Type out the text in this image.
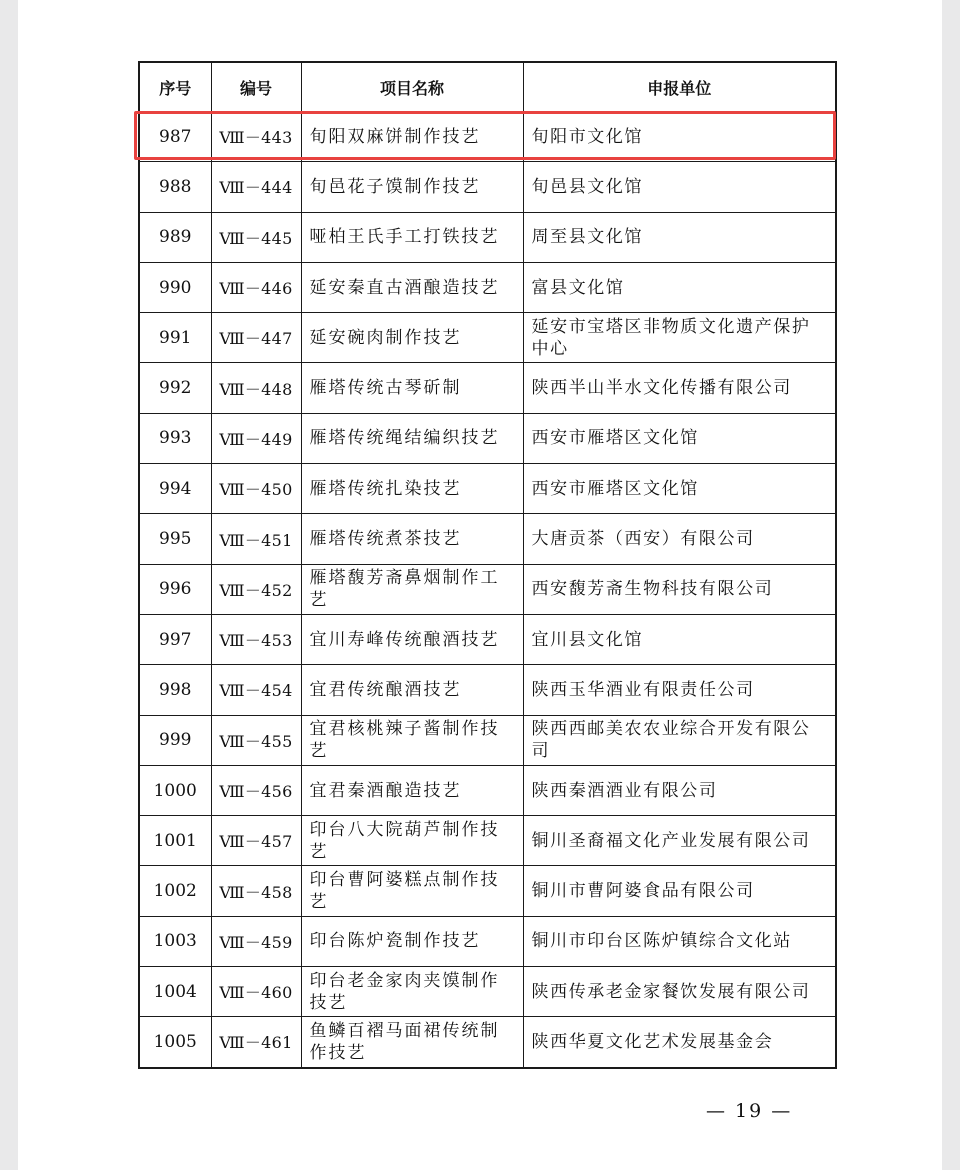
序号	编号	项目名称	申报单位
987	Ⅷ－443	旬阳双麻饼制作技艺	旬阳市文化馆
988	Ⅷ－444	旬邑花子馍制作技艺	旬邑县文化馆
989	Ⅷ－445	哑柏王氏手工打铁技艺	周至县文化馆
990	Ⅷ－446	延安秦直古酒酿造技艺	富县文化馆
991	Ⅷ－447	延安碗肉制作技艺	延安市宝塔区非物质文化遗产保护中心
992	Ⅷ－448	雁塔传统古琴斫制	陕西半山半水文化传播有限公司
993	Ⅷ－449	雁塔传统绳结编织技艺	西安市雁塔区文化馆
994	Ⅷ－450	雁塔传统扎染技艺	西安市雁塔区文化馆
995	Ⅷ－451	雁塔传统煮茶技艺	大唐贡茶（西安）有限公司
996	Ⅷ－452	雁塔馥芳斋鼻烟制作工艺	西安馥芳斋生物科技有限公司
997	Ⅷ－453	宜川寿峰传统酿酒技艺	宜川县文化馆
998	Ⅷ－454	宜君传统酿酒技艺	陕西玉华酒业有限责任公司
999	Ⅷ－455	宜君核桃辣子酱制作技艺	陕西西邮美农农业综合开发有限公司
1000	Ⅷ－456	宜君秦酒酿造技艺	陕西秦酒酒业有限公司
1001	Ⅷ－457	印台八大院葫芦制作技艺	铜川圣裔福文化产业发展有限公司
1002	Ⅷ－458	印台曹阿婆糕点制作技艺	铜川市曹阿婆食品有限公司
1003	Ⅷ－459	印台陈炉瓷制作技艺	铜川市印台区陈炉镇综合文化站
1004	Ⅷ－460	印台老金家肉夹馍制作技艺	陕西传承老金家餐饮发展有限公司
1005	Ⅷ－461	鱼鳞百褶马面裙传统制作技艺	陕西华夏文化艺术发展基金会
— 19 —
